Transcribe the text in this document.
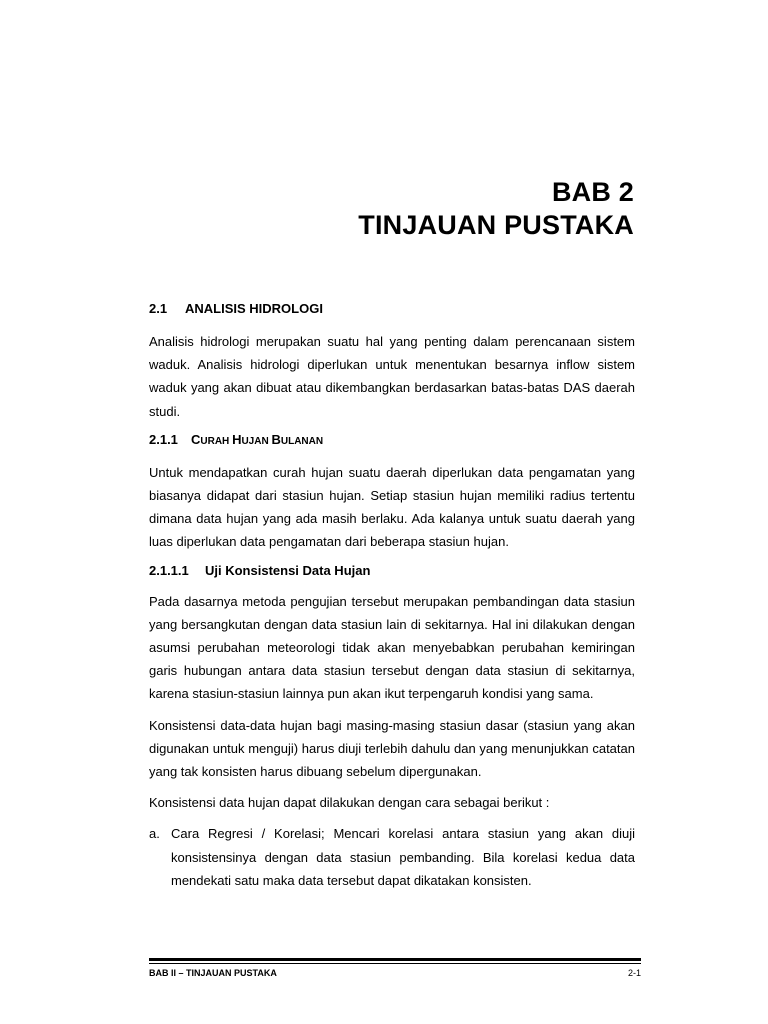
BAB 2
TINJAUAN PUSTAKA
2.1 ANALISIS HIDROLOGI

Analisis hidrologi merupakan suatu hal yang penting dalam perencanaan sistem waduk. Analisis hidrologi diperlukan untuk menentukan besarnya inflow sistem waduk yang akan dibuat atau dikembangkan berdasarkan batas-batas DAS daerah studi.

2.1.1 CURAH HUJAN BULANAN

Untuk mendapatkan curah hujan suatu daerah diperlukan data pengamatan yang biasanya didapat dari stasiun hujan. Setiap stasiun hujan memiliki radius tertentu dimana data hujan yang ada masih berlaku. Ada kalanya untuk suatu daerah yang luas diperlukan data pengamatan dari beberapa stasiun hujan.

2.1.1.1 Uji Konsistensi Data Hujan

Pada dasarnya metoda pengujian tersebut merupakan pembandingan data stasiun yang bersangkutan dengan data stasiun lain di sekitarnya. Hal ini dilakukan dengan asumsi perubahan meteorologi tidak akan menyebabkan perubahan kemiringan garis hubungan antara data stasiun tersebut dengan data stasiun di sekitarnya, karena stasiun-stasiun lainnya pun akan ikut terpengaruh kondisi yang sama.

Konsistensi data-data hujan bagi masing-masing stasiun dasar (stasiun yang akan digunakan untuk menguji) harus diuji terlebih dahulu dan yang menunjukkan catatan yang tak konsisten harus dibuang sebelum dipergunakan.

Konsistensi data hujan dapat dilakukan dengan cara sebagai berikut :

a. Cara Regresi / Korelasi; Mencari korelasi antara stasiun yang akan diuji konsistensinya dengan data stasiun pembanding. Bila korelasi kedua data mendekati satu maka data tersebut dapat dikatakan konsisten.
BAB II – TINJAUAN PUSTAKA	2-1
